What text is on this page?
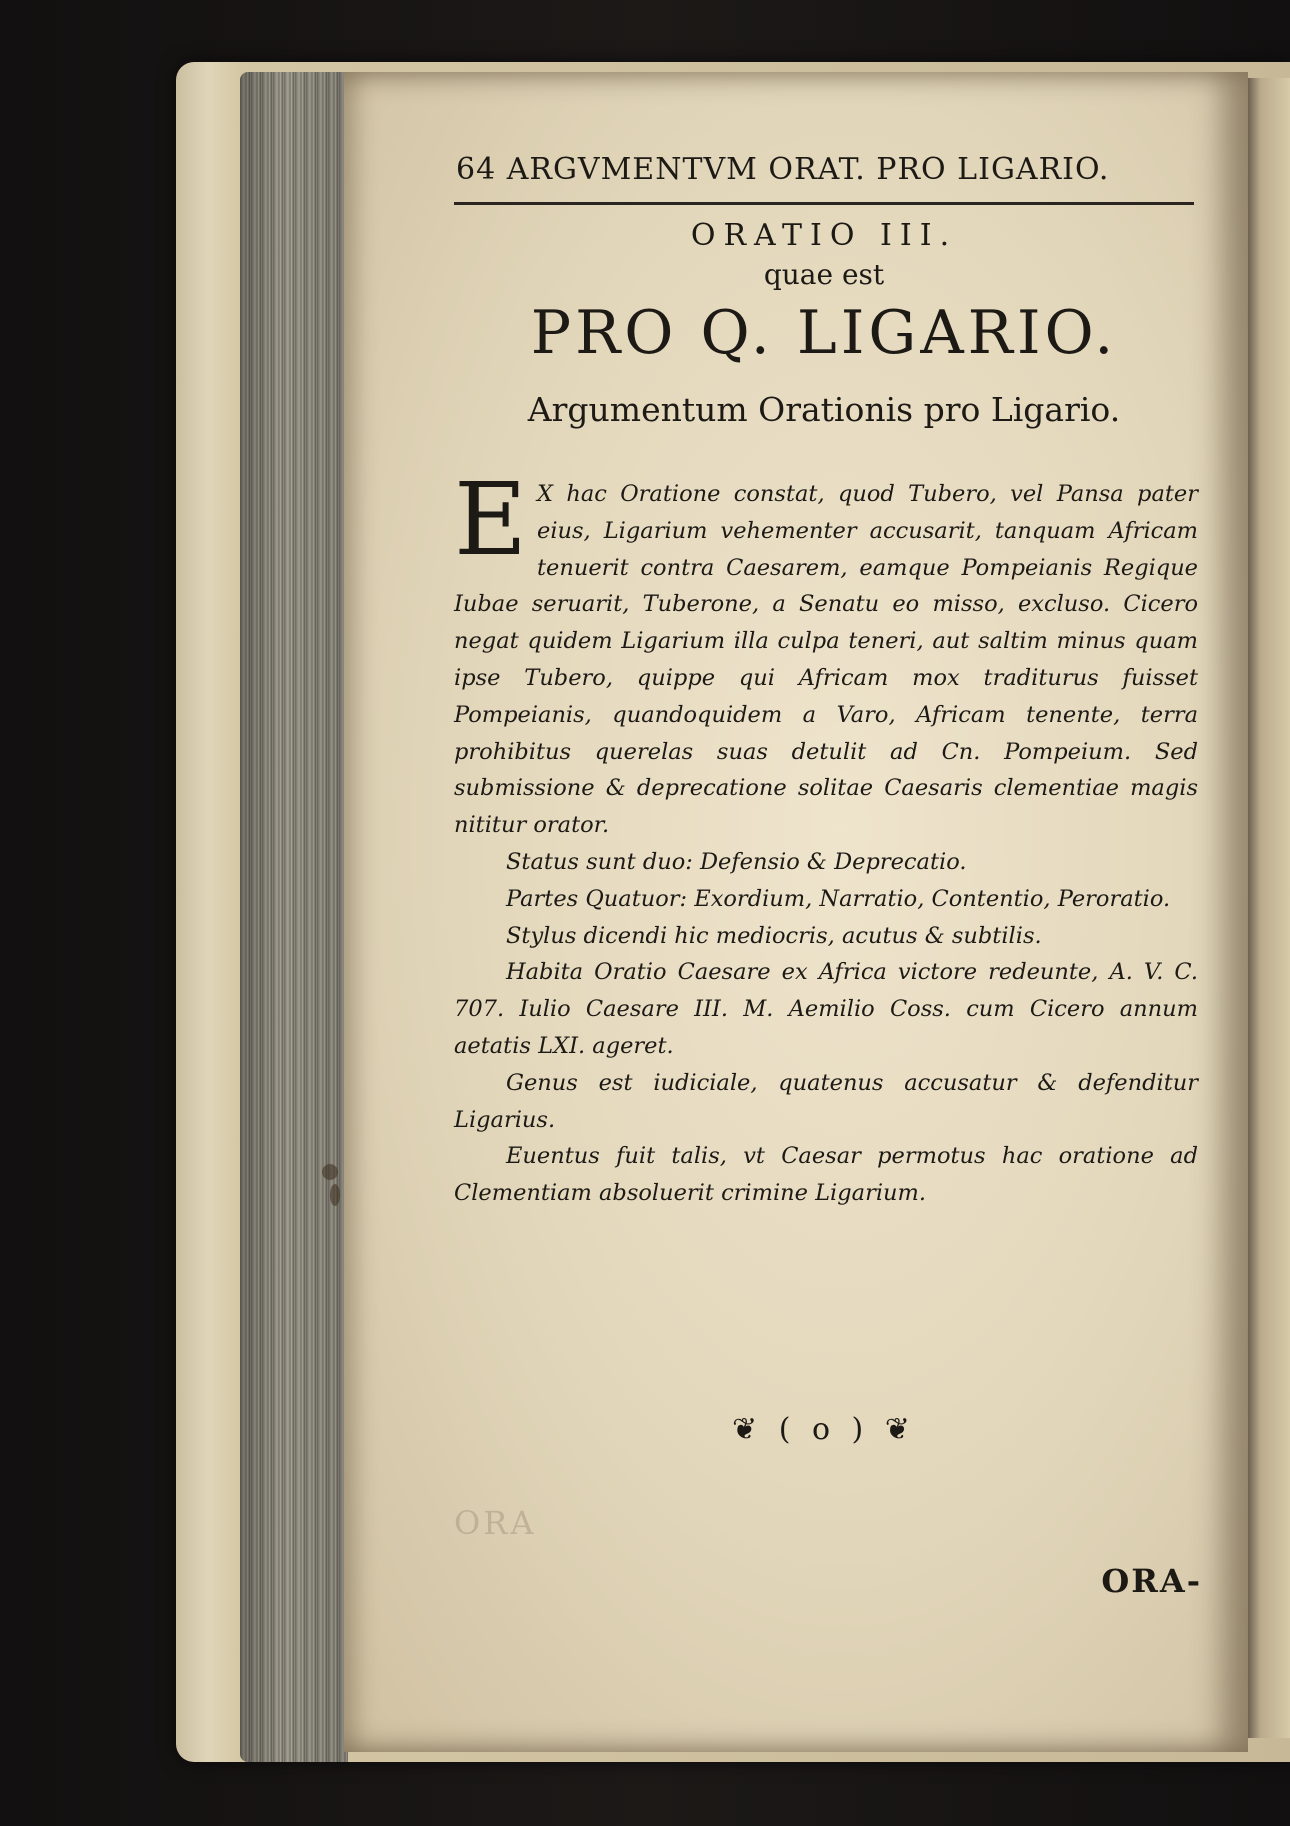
64 ARGVMENTVM ORAT. PRO LIGARIO.
ORATIO III.
quae est
PRO Q. LIGARIO.
Argumentum Orationis pro Ligario.

E X hac Oratione constat, quod Tubero, vel Pansa pater eius, Ligarium vehementer accusarit, tanquam Africam tenuerit contra Caesarem, eamque Pompeianis Regique Iubae seruarit, Tuberone, a Senatu eo misso, excluso. Cicero negat quidem Ligarium illa culpa teneri, aut saltim minus quam ipse Tubero, quippe qui Africam mox traditurus fuisset Pompeianis, quandoquidem a Varo, Africam tenente, terra prohibitus querelas suas detulit ad Cn. Pompeium. Sed submissione & deprecatione solitae Caesaris clementiae magis nititur orator.

Status sunt duo: Defensio & Deprecatio.

Partes Quatuor: Exordium, Narratio, Contentio, Peroratio.

Stylus dicendi hic mediocris, acutus & subtilis.

Habita Oratio Caesare ex Africa victore redeunte, A. V. C. 707. Iulio Caesare III. M. Aemilio Coss. cum Cicero annum aetatis LXI. ageret.

Genus est iudiciale, quatenus accusatur & defenditur Ligarius.

Euentus fuit talis, vt Caesar permotus hac oratione ad Clementiam absoluerit crimine Ligarium.

❦ ( o ) ❦
ORA
ORA-
